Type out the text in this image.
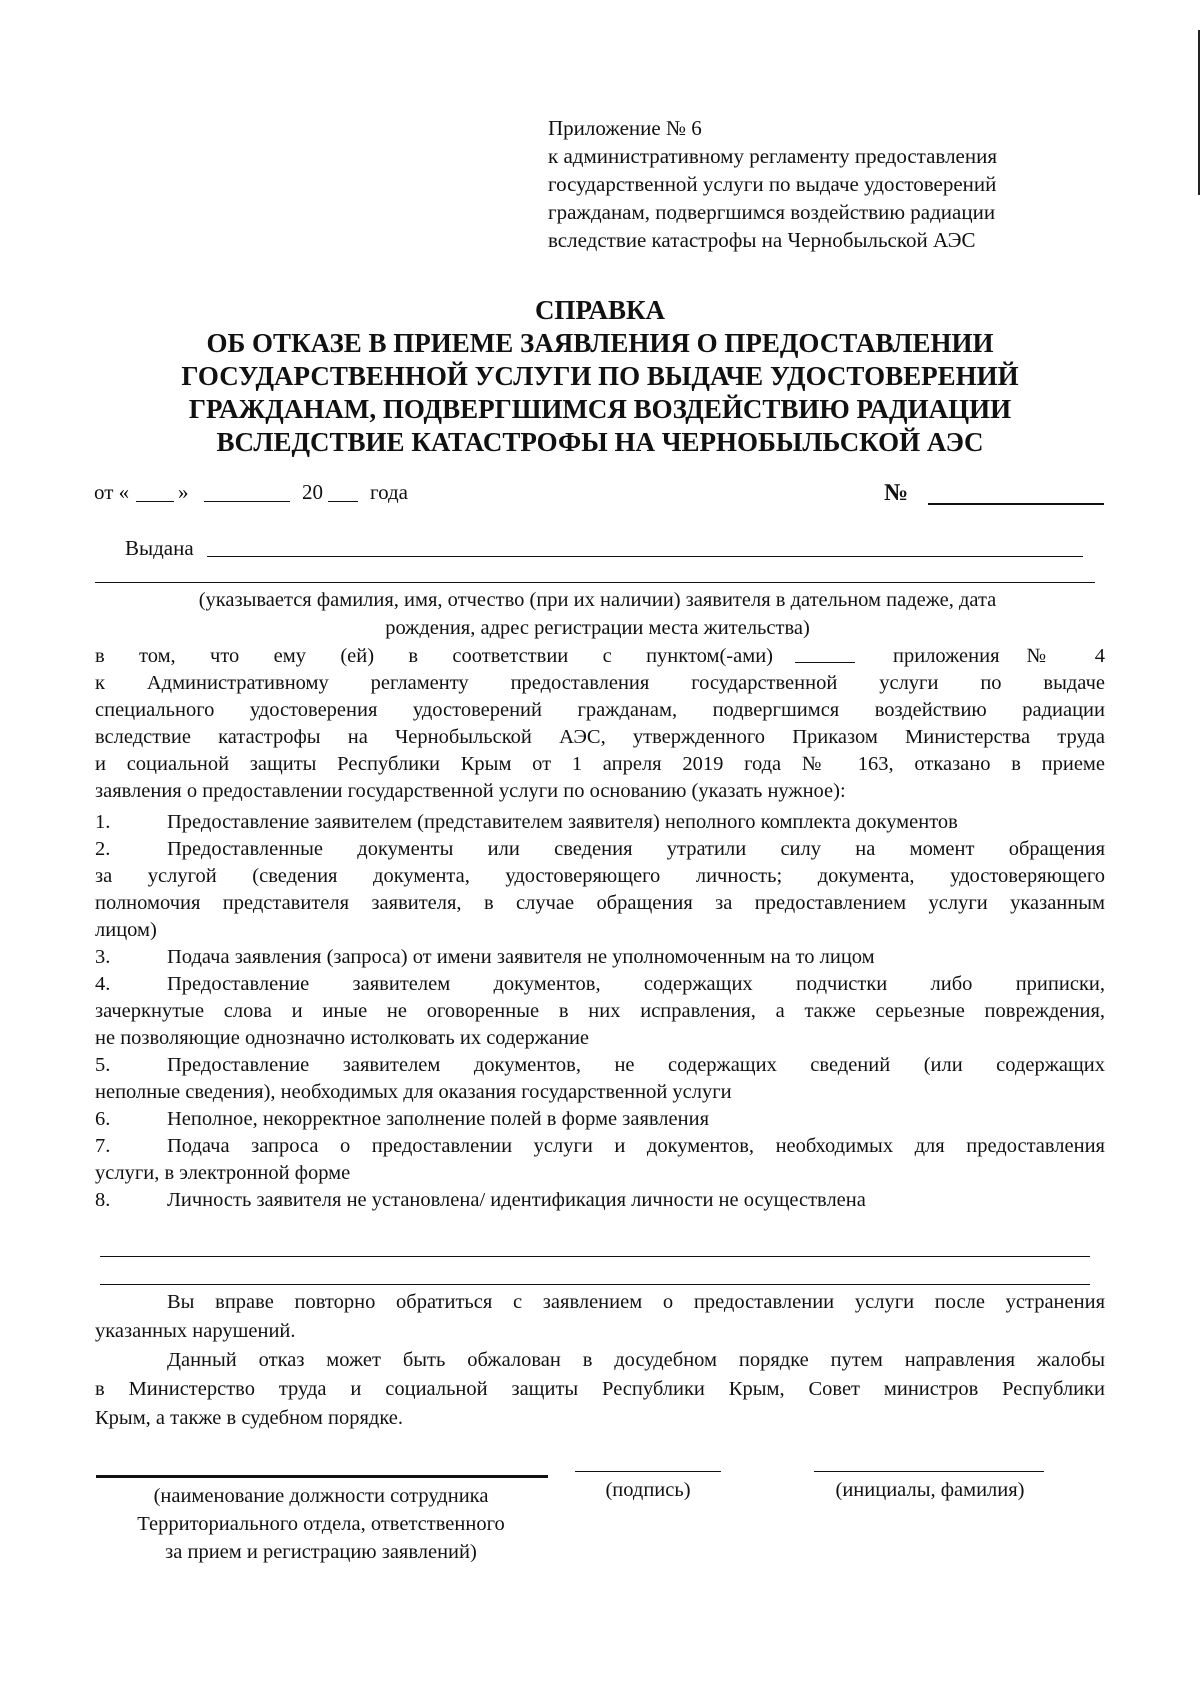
Приложение № 6
к административному регламенту предоставления
государственной услуги по выдаче удостоверений
гражданам, подвергшимся воздействию радиации
вследствие катастрофы на Чернобыльской АЭС
СПРАВКА
ОБ ОТКАЗЕ В ПРИЕМЕ ЗАЯВЛЕНИЯ О ПРЕДОСТАВЛЕНИИ
ГОСУДАРСТВЕННОЙ УСЛУГИ ПО ВЫДАЧЕ УДОСТОВЕРЕНИЙ
ГРАЖДАНАМ, ПОДВЕРГШИМСЯ ВОЗДЕЙСТВИЮ РАДИАЦИИ
ВСЛЕДСТВИЕ КАТАСТРОФЫ НА ЧЕРНОБЫЛЬСКОЙ АЭС
от « »	20 года	№
Выдана
(указывается фамилия, имя, отчество (при их наличии) заявителя в дательном падеже, дата
рождения, адрес регистрации места жительства)
в том, что ему (ей) в соответствии с пунктом(-ами)	приложения № 4
к Административному регламенту предоставления государственной услуги по выдаче
специального удостоверения удостоверений гражданам, подвергшимся воздействию радиации
вследствие катастрофы на Чернобыльской АЭС, утвержденного Приказом Министерства труда
и социальной защиты Республики Крым от 1 апреля 2019 года № 163, отказано в приеме
заявления о предоставлении государственной услуги по основанию (указать нужное):
1.	Предоставление заявителем (представителем заявителя) неполного комплекта документов
2.	Предоставленные документы или сведения утратили силу на момент обращения
за услугой (сведения документа, удостоверяющего личность; документа, удостоверяющего
полномочия представителя заявителя, в случае обращения за предоставлением услуги указанным
лицом)
3.	Подача заявления (запроса) от имени заявителя не уполномоченным на то лицом
4.	Предоставление заявителем документов, содержащих подчистки либо приписки,
зачеркнутые слова и иные не оговоренные в них исправления, а также серьезные повреждения,
не позволяющие однозначно истолковать их содержание
5.	Предоставление заявителем документов, не содержащих сведений (или содержащих
неполные сведения), необходимых для оказания государственной услуги
6.	Неполное, некорректное заполнение полей в форме заявления
7.	Подача запроса о предоставлении услуги и документов, необходимых для предоставления
услуги, в электронной форме
8.	Личность заявителя не установлена/ идентификация личности не осуществлена
Вы вправе повторно обратиться с заявлением о предоставлении услуги после устранения
указанных нарушений.
Данный отказ может быть обжалован в досудебном порядке путем направления жалобы
в Министерство труда и социальной защиты Республики Крым, Совет министров Республики
Крым, а также в судебном порядке.
(наименование должности сотрудника
Территориального отдела, ответственного
за прием и регистрацию заявлений)
(подпись)	(инициалы, фамилия)
